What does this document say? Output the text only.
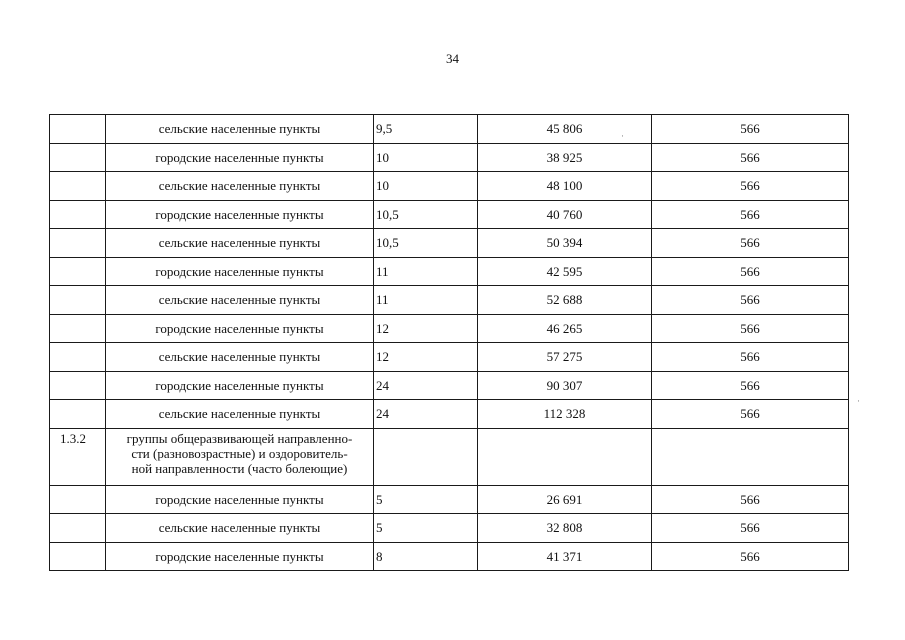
34
	сельские населенные пункты	9,5	45 806	566
	городские населенные пункты	10	38 925	566
	сельские населенные пункты	10	48 100	566
	городские населенные пункты	10,5	40 760	566
	сельские населенные пункты	10,5	50 394	566
	городские населенные пункты	11	42 595	566
	сельские населенные пункты	11	52 688	566
	городские населенные пункты	12	46 265	566
	сельские населенные пункты	12	57 275	566
	городские населенные пункты	24	90 307	566
	сельские населенные пункты	24	112 328	566
1.3.2	группы общеразвивающей направленно-
сти (разновозрастные) и оздоровитель-
ной направленности (часто болеющие)			

	городские населенные пункты	5	26 691	566
	сельские населенные пункты	5	32 808	566
	городские населенные пункты	8	41 371	566
·
·
